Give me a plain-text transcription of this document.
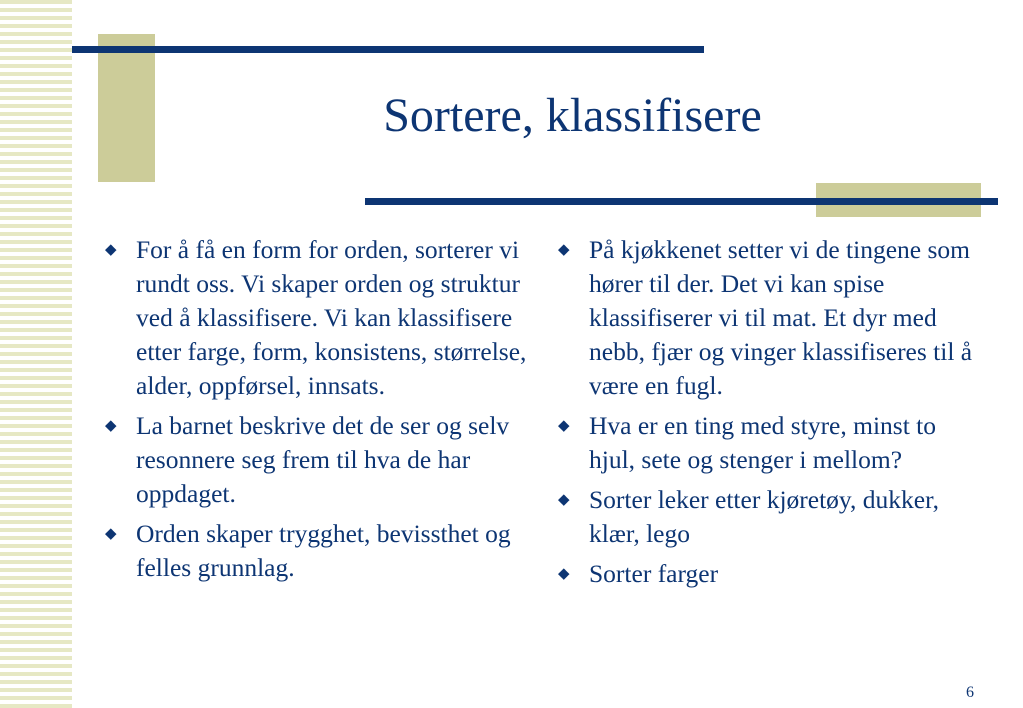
Sortere, klassifisere
◆ For å få en form for orden, sorterer vi rundt oss. Vi skaper orden og struktur ved å klassifisere. Vi kan klassifisere etter farge, form, konsistens, størrelse, alder, oppførsel, innsats.
◆ La barnet beskrive det de ser og selv resonnere seg frem til hva de har oppdaget.
◆ Orden skaper trygghet, bevissthet og felles grunnlag.
◆ På kjøkkenet setter vi de tingene som hører til der. Det vi kan spise klassifiserer vi til mat. Et dyr med nebb, fjær og vinger klassifiseres til å være en fugl.
◆ Hva er en ting med styre, minst to hjul, sete og stenger i mellom?
◆ Sorter leker etter kjøretøy, dukker, klær, lego
◆ Sorter farger
6
